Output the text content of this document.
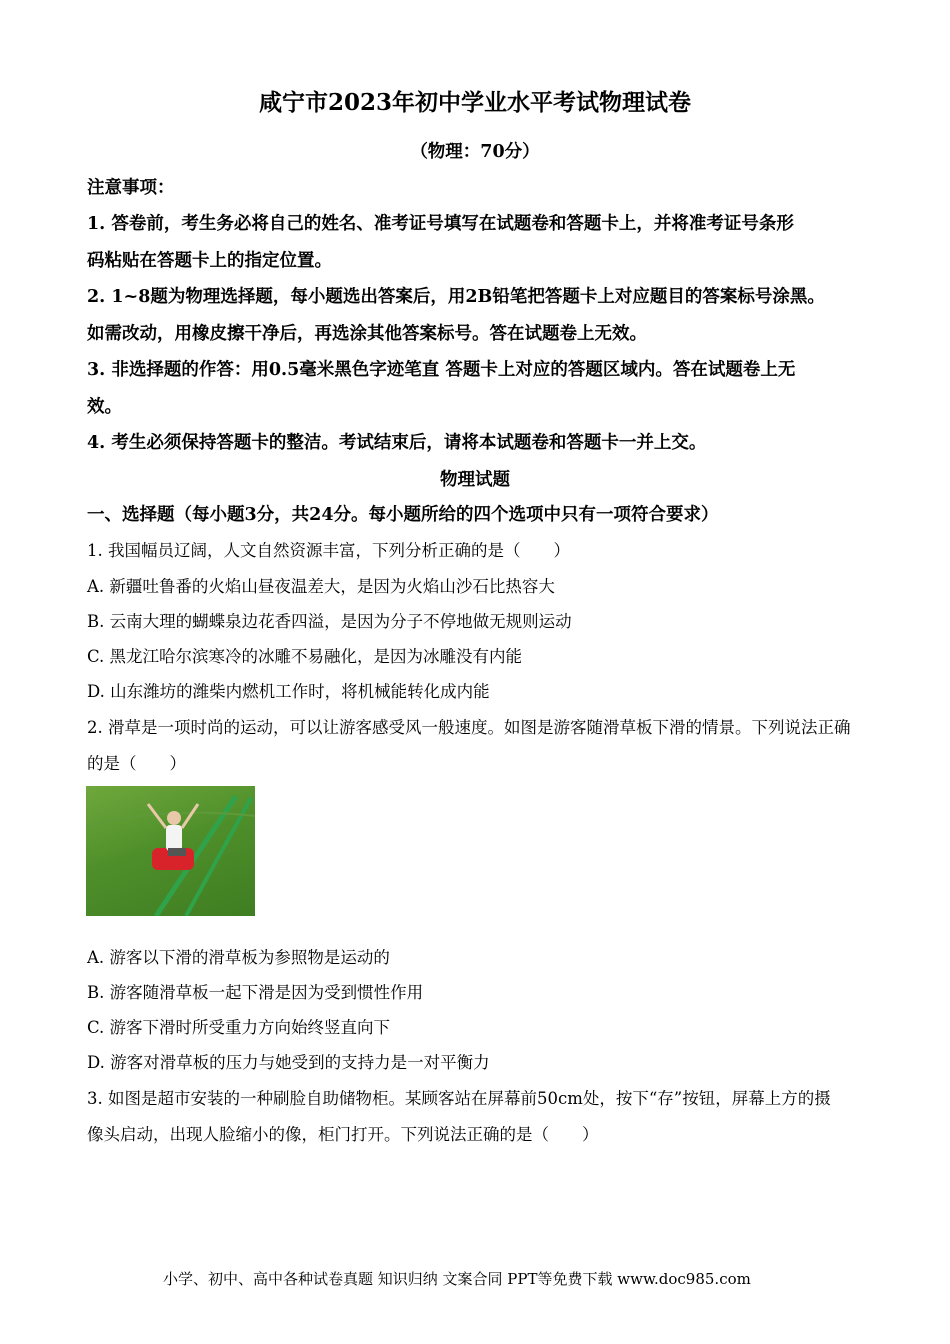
咸宁市2023年初中学业水平考试物理试卷
（物理：70分）
注意事项：
1. 答卷前，考生务必将自己的姓名、准考证号填写在试题卷和答题卡上，并将准考证号条形
码粘贴在答题卡上的指定位置。
2. 1~8题为物理选择题，每小题选出答案后，用2B铅笔把答题卡上对应题目的答案标号涂黑。
如需改动，用橡皮擦干净后，再选涂其他答案标号。答在试题卷上无效。
3. 非选择题的作答：用0.5毫米黑色字迹笔直 答题卡上对应的答题区域内。答在试题卷上无
效。
4. 考生必须保持答题卡的整洁。考试结束后，请将本试题卷和答题卡一并上交。
物理试题
一、选择题（每小题3分，共24分。每小题所给的四个选项中只有一项符合要求）
1. 我国幅员辽阔，人文自然资源丰富，下列分析正确的是（　　）
A. 新疆吐鲁番的火焰山昼夜温差大，是因为火焰山沙石比热容大
B. 云南大理的蝴蝶泉边花香四溢，是因为分子不停地做无规则运动
C. 黑龙江哈尔滨寒冷的冰雕不易融化，是因为冰雕没有内能
D. 山东潍坊的潍柴内燃机工作时，将机械能转化成内能
2. 滑草是一项时尚的运动，可以让游客感受风一般速度。如图是游客随滑草板下滑的情景。下列说法正确
的是（　　）
A. 游客以下滑的滑草板为参照物是运动的
B. 游客随滑草板一起下滑是因为受到惯性作用
C. 游客下滑时所受重力方向始终竖直向下
D. 游客对滑草板的压力与她受到的支持力是一对平衡力
3. 如图是超市安装的一种刷脸自助储物柜。某顾客站在屏幕前50cm处，按下“存”按钮，屏幕上方的摄
像头启动，出现人脸缩小的像，柜门打开。下列说法正确的是（　　）
小学、初中、高中各种试卷真题 知识归纳 文案合同 PPT等免费下载 www.doc985.com
